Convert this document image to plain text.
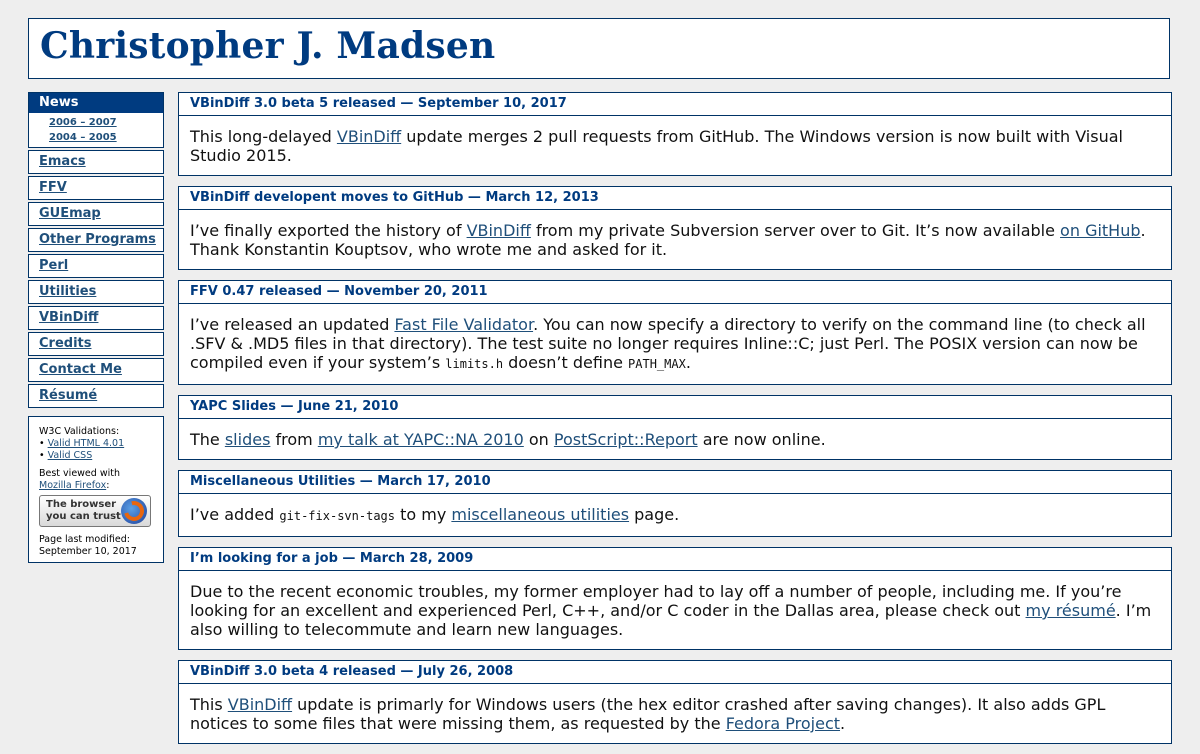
Christopher J. Madsen
News
2006 – 2007
2004 – 2005
Emacs
FFV
GUEmap
Other Programs
Perl
Utilities
VBinDiff
Credits
Contact Me
Résumé
W3C Validations:
• Valid HTML 4.01
• Valid CSS
Best viewed with
Mozilla Firefox:
The browser
you can trust
Page last modified:
September 10, 2017
VBinDiff 3.0 beta 5 released — September 10, 2017
This long-delayed VBinDiff update merges 2 pull requests from GitHub. The Windows version is now built with Visual Studio 2015.
VBinDiff developent moves to GitHub — March 12, 2013
I’ve finally exported the history of VBinDiff from my private Subversion server over to Git. It’s now available on GitHub. Thank Konstantin Kouptsov, who wrote me and asked for it.
FFV 0.47 released — November 20, 2011
I’ve released an updated Fast File Validator. You can now specify a directory to verify on the command line (to check all .SFV & .MD5 files in that directory). The test suite no longer requires Inline::C; just Perl. The POSIX version can now be compiled even if your system’s limits.h doesn’t define PATH_MAX.
YAPC Slides — June 21, 2010
The slides from my talk at YAPC::NA 2010 on PostScript::Report are now online.
Miscellaneous Utilities — March 17, 2010
I’ve added git-fix-svn-tags to my miscellaneous utilities page.
I’m looking for a job — March 28, 2009
Due to the recent economic troubles, my former employer had to lay off a number of people, including me. If you’re looking for an excellent and experienced Perl, C++, and/or C coder in the Dallas area, please check out my résumé. I’m also willing to telecommute and learn new languages.
VBinDiff 3.0 beta 4 released — July 26, 2008
This VBinDiff update is primarly for Windows users (the hex editor crashed after saving changes). It also adds GPL notices to some files that were missing them, as requested by the Fedora Project.
